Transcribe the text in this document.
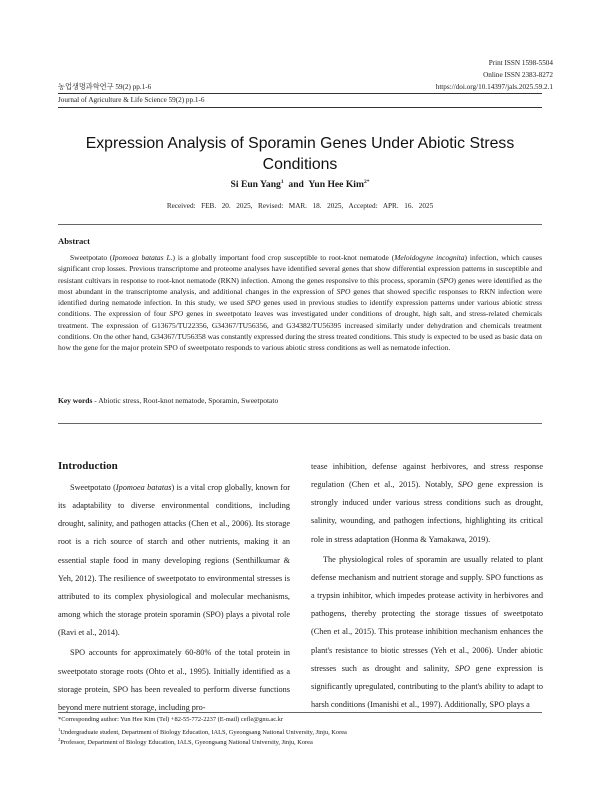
Print ISSN 1598-5504
Online ISSN 2383-8272
https://doi.org/10.14397/jals.2025.59.2.1
농업생명과학연구 59(2) pp.1-6
Journal of Agriculture & Life Science 59(2) pp.1-6
Expression Analysis of Sporamin Genes Under Abiotic Stress
Conditions
Si Eun Yang$^1$  and  Yun Hee Kim$^{2*}$
Received:  FEB.  20.  2025,  Revised:  MAR.  18.  2025,  Accepted:  APR.  16.  2025
Abstract

Sweetpotato (Ipomoea batatas L.) is a globally important food crop susceptible to root-knot nematode (Meloidogyne incognita) infection, which causes significant crop losses. Previous transcriptome and proteome analyses have identified several genes that show differential expression patterns in susceptible and resistant cultivars in response to root-knot nematode (RKN) infection. Among the genes responsive to this process, sporamin (SPO) genes were identified as the most abundant in the transcriptome analysis, and additional changes in the expression of SPO genes that showed specific responses to RKN infection were identified during nematode infection. In this study, we used SPO genes used in previous studies to identify expression patterns under various abiotic stress conditions. The expression of four SPO genes in sweetpotato leaves was investigated under conditions of drought, high salt, and stress-related chemicals treatment. The expression of G13675/TU22356, G34367/TU56356, and G34382/TU56395 increased similarly under dehydration and chemicals treatment conditions. On the other hand, G34367/TU56358 was constantly expressed during the stress treated conditions. This study is expected to be used as basic data on how the gene for the major protein SPO of sweetpotato responds to various abiotic stress conditions as well as nematode infection.

Key words - Abiotic stress, Root-knot nematode, Sporamin, Sweetpotato

Introduction

Sweetpotato (Ipomoea batatas) is a vital crop globally, known for its adaptability to diverse environmental conditions, including drought, salinity, and pathogen attacks (Chen et al., 2006). Its storage root is a rich source of starch and other nutrients, making it an essential staple food in many developing regions (Senthilkumar & Yeh, 2012). The resilience of sweetpotato to environmental stresses is attributed to its complex physiological and molecular mechanisms, among which the storage protein sporamin (SPO) plays a pivotal role (Ravi et al., 2014).

SPO accounts for approximately 60-80% of the total protein in sweetpotato storage roots (Ohto et al., 1995). Initially identified as a storage protein, SPO has been revealed to perform diverse functions beyond mere nutrient storage, including pro-

tease inhibition, defense against herbivores, and stress response regulation (Chen et al., 2015). Notably, SPO gene expression is strongly induced under various stress conditions such as drought, salinity, wounding, and pathogen infections, highlighting its critical role in stress adaptation (Honma & Yamakawa, 2019).

The physiological roles of sporamin are usually related to plant defense mechanism and nutrient storage and supply. SPO functions as a trypsin inhibitor, which impedes protease activity in herbivores and pathogens, thereby protecting the storage tissues of sweetpotato (Chen et al., 2015). This protease inhibition mechanism enhances the plant's resistance to biotic stresses (Yeh et al., 2006). Under abiotic stresses such as drought and salinity, SPO gene expression is significantly upregulated, contributing to the plant's ability to adapt to harsh conditions (Imanishi et al., 1997). Additionally, SPO plays a

*Corresponding author: Yun Hee Kim (Tel) +82-55-772-2237 (E-mail) cefle@gnu.ac.kr
$^1$Undergraduate student, Department of Biology Education, IALS, Gyeongsang National University, Jinju, Korea
$^2$Professor, Department of Biology Education, IALS, Gyeongsang National University, Jinju, Korea
